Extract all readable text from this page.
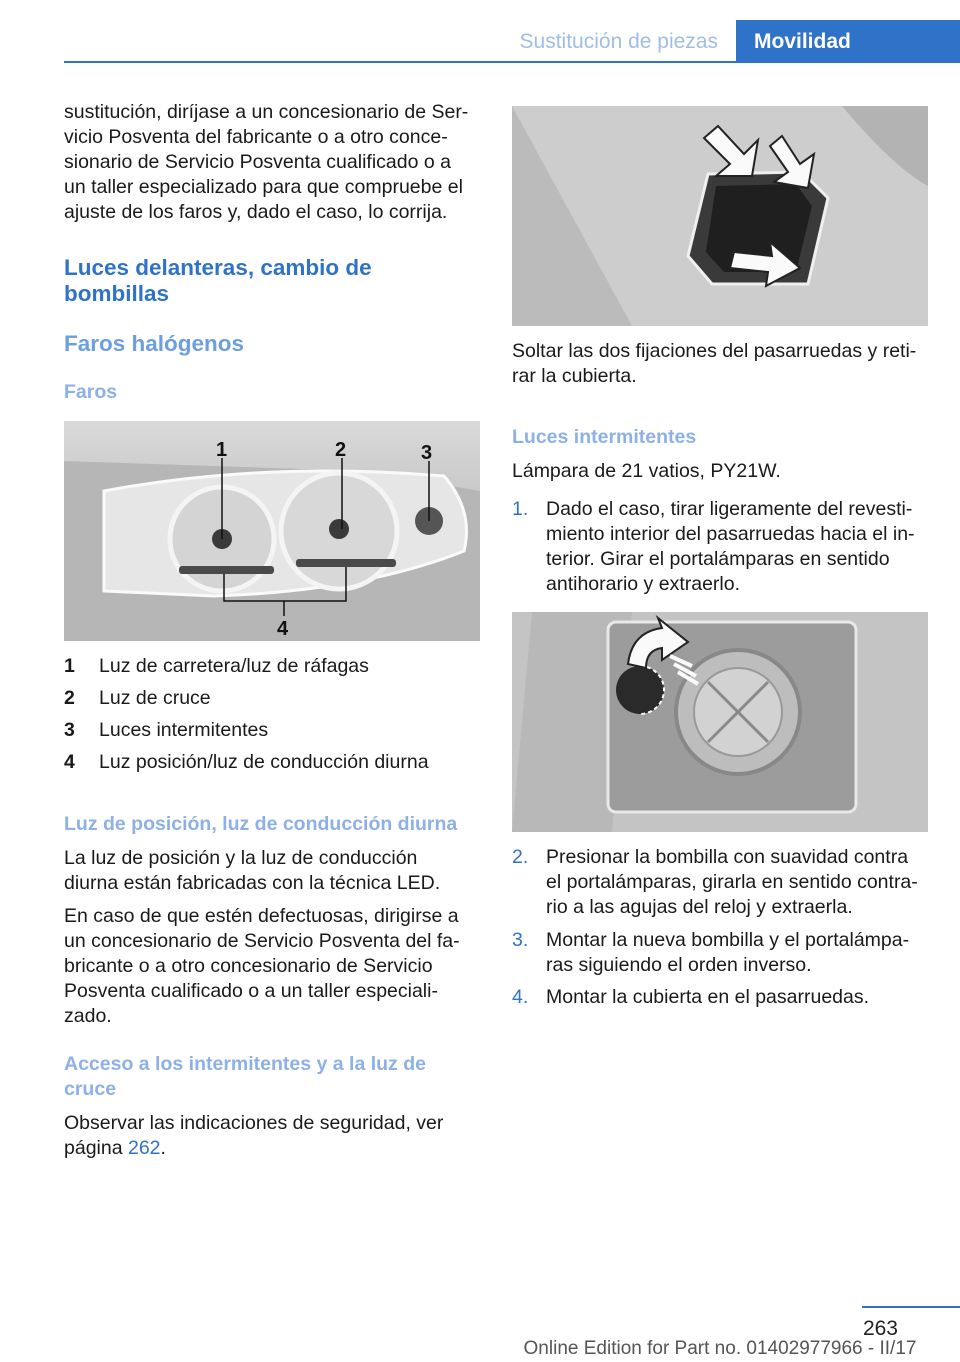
Sustitución de piezas	Movilidad

sustitución, diríjase a un concesionario de Ser‐ vicio Posventa del fabricante o a otro conce‐ sionario de Servicio Posventa cualificado o a un taller especializado para que compruebe el ajuste de los faros y, dado el caso, lo corrija.

Luces delanteras, cambio de bombillas
Faros halógenos
Faros
1	2	3
4
1 Luz de carretera/luz de ráfagas
2 Luz de cruce
3 Luces intermitentes
4 Luz posición/luz de conducción diurna
Luz de posición, luz de conducción diurna

La luz de posición y la luz de conducción diurna están fabricadas con la técnica LED.

En caso de que estén defectuosas, dirigirse a un concesionario de Servicio Posventa del fa‐ bricante o a otro concesionario de Servicio Posventa cualificado o a un taller especiali‐ zado.

Acceso a los intermitentes y a la luz de cruce

Observar las indicaciones de seguridad, ver página 262.

Soltar las dos fijaciones del pasarruedas y reti‐ rar la cubierta.

Luces intermitentes

Lámpara de 21 vatios, PY21W.

1. Dado el caso, tirar ligeramente del revesti‐ miento interior del pasarruedas hacia el in‐ terior. Girar el portalámparas en sentido antihorario y extraerlo.
2. Presionar la bombilla con suavidad contra el portalámparas, girarla en sentido contra‐ rio a las agujas del reloj y extraerla.
3. Montar la nueva bombilla y el portalámpa‐ ras siguiendo el orden inverso.
4. Montar la cubierta en el pasarruedas.
263
Online Edition for Part no. 01402977966 - II/17
